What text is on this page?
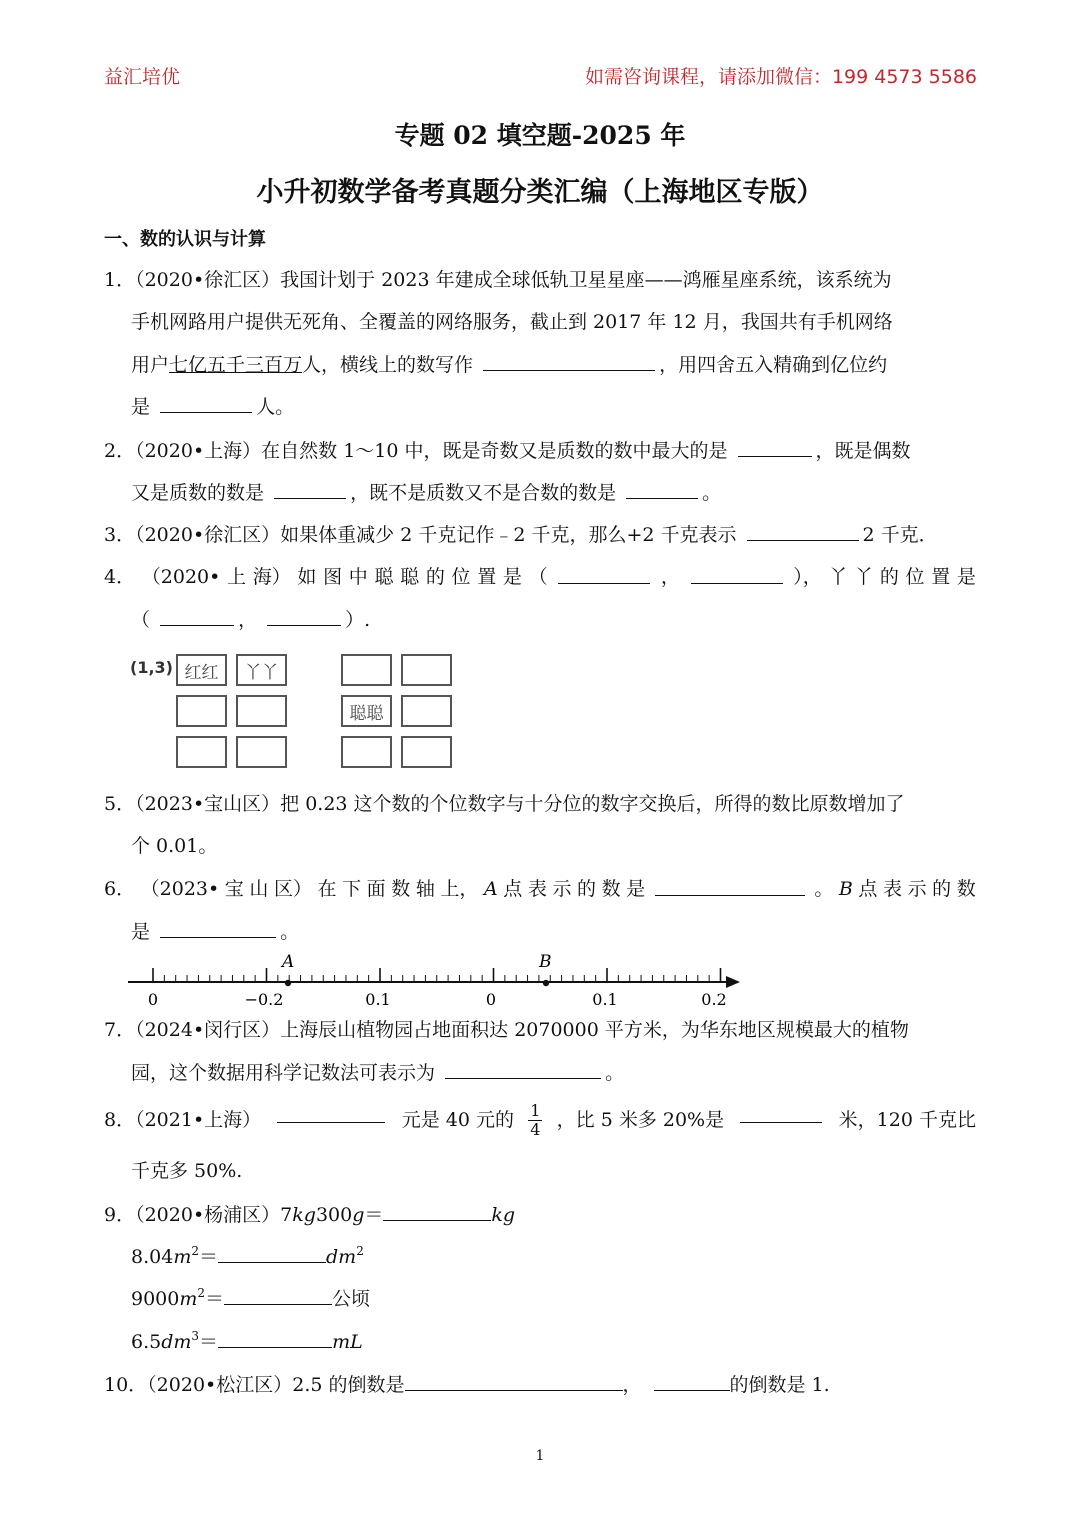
益汇培优	如需咨询课程，请添加微信：199 4573 5586
专题 02 填空题-2025 年
小升初数学备考真题分类汇编（上海地区专版）
一、数的认识与计算
1．（2020•徐汇区）我国计划于 2023 年建成全球低轨卫星星座——鸿雁星座系统，该系统为
手机网路用户提供无死角、全覆盖的网络服务，截止到 2017 年 12 月，我国共有手机网络
用户七亿五千三百万人，横线上的数写作	，用四舍五入精确到亿位约
是	人。
2．（2020•上海）在自然数 1～10 中，既是奇数又是质数的数中最大的是	，既是偶数
又是质数的数是	，既不是质数又不是合数的数是	。
3．（2020•徐汇区）如果体重减少 2 千克记作﹣2 千克，那么+2 千克表示	2 千克．
4． （2020• 上 海） 如 图 中 聪 聪 的 位 置 是 （	，	）， 丫 丫 的 位 置 是
（	，	）.
(1,3) 红红	丫丫
聪聪
5．（2023•宝山区）把 0.23 这个数的个位数字与十分位的数字交换后，所得的数比原数增加了
个 0.01。
6． （2023• 宝 山 区） 在 下 面 数 轴 上， A 点 表 示 的 数 是	。 B 点 表 示 的 数
是	。
A	B
0	−0.2	0.1	0	0.1	0.2
7．（2024•闵行区）上海辰山植物园占地面积达 2070000 平方米，为华东地区规模最大的植物
园，这个数据用科学记数法可表示为	。
8．（2021•上海）	元是 40 元的 $\frac{1}{4}$ ，比 5 米多 20%是	米，120 千克比
千克多 50%.
9．（2020•杨浦区）7kg300g＝	kg
$8.04m^2=$	$dm^2$
$9000m^2=$	公顷
$6.5dm^3=$	mL
10．（2020•松江区）2.5 的倒数是	，	的倒数是 1.
1
